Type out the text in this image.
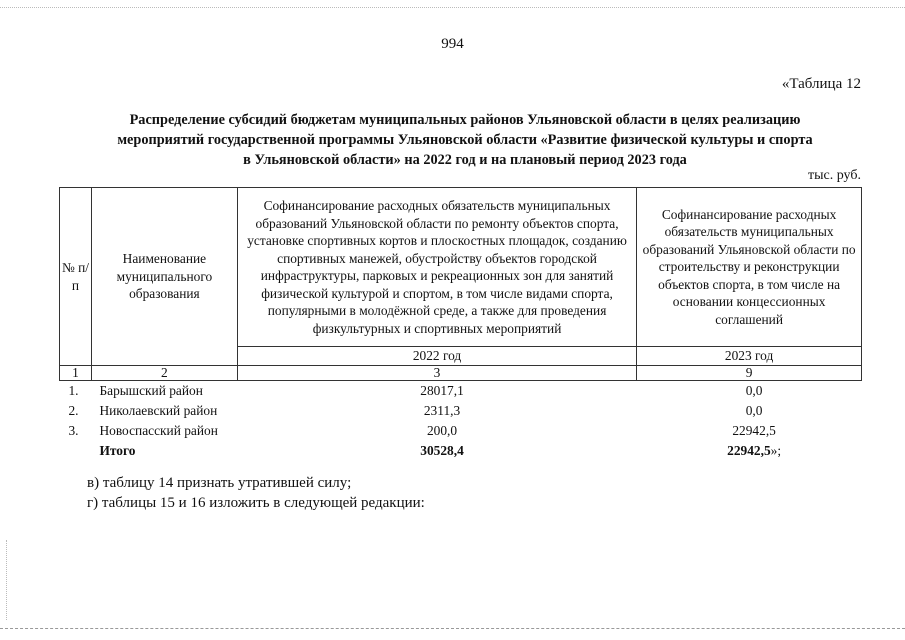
994
«Таблица 12
Распределение субсидий бюджетам муниципальных районов Ульяновской области в целях реализацию
мероприятий государственной программы Ульяновской области «Развитие физической культуры и спорта
в Ульяновской области» на 2022 год и на плановый период 2023 года
тыс. руб.
№ п/п	Наименование муниципального образования	Софинансирование расходных обязательств муниципальных образований Ульяновской области по ремонту объектов спорта, установке спортивных кортов и плоскостных площадок, созданию спортивных манежей, обустройству объектов городской инфраструктуры, парковых и рекреационных зон для занятий физической культурой и спортом, в том числе видами спорта, популярными в молодёжной среде, а также для проведения физкультурных и спортивных мероприятий	Софинансирование расходных обязательств муниципальных образований Ульяновской области по строительству и реконструкции объектов спорта, в том числе на основании концессионных соглашений
		2022 год	2023 год
1	2	3	9
1.	Барышский район	28017,1	0,0
2.	Николаевский район	2311,3	0,0
3.	Новоспасский район	200,0	22942,5
	Итого	30528,4	22942,5»;
в) таблицу 14 признать утратившей силу;
г) таблицы 15 и 16 изложить в следующей редакции:
